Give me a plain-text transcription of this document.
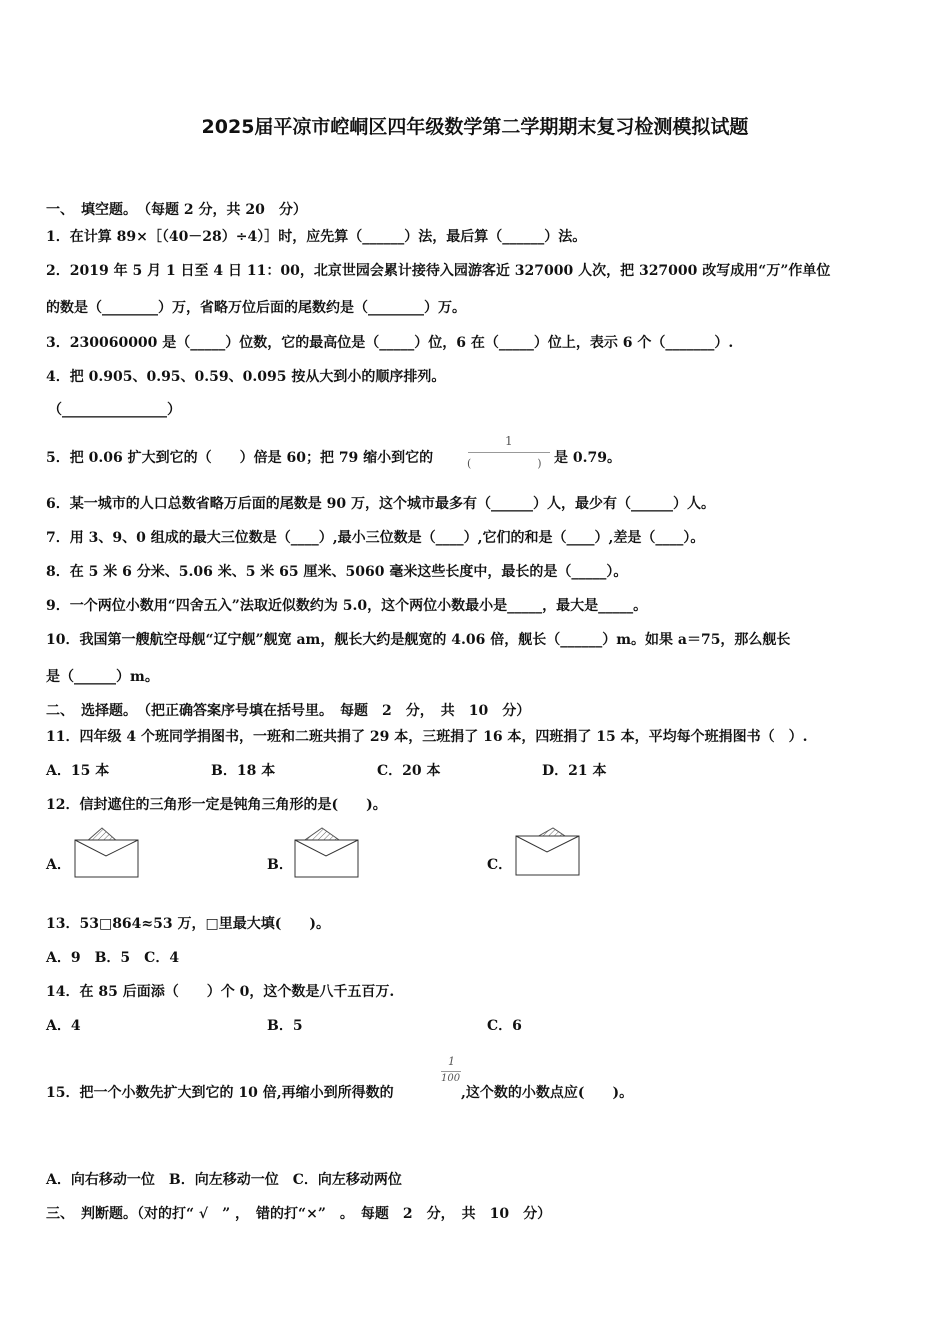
2025届平凉市崆峒区四年级数学第二学期期末复习检测模拟试题
一、　填空题。　（每题 2 分，共 20　分）
1．在计算 89×［（40－28）÷4）］时，应先算（______）法，最后算（______）法。
2．2019 年 5 月 1 日至 4 日 11：00，北京世园会累计接待入园游客近 327000 人次，把 327000 改写成用“万”作单位
的数是（________）万，省略万位后面的尾数约是（________）万。
3．230060000 是（_____）位数，它的最高位是（_____）位，6 在（_____）位上，表示 6 个（_______）.
4．把 0.905、0.95、0.59、0.095 按从大到小的顺序排列。
（_______________）
5．把 0.06 扩大到它的（　　）倍是 60；把 79 缩小到它的
1
(　　　　　　) 是 0.79。
6．某一城市的人口总数省略万后面的尾数是 90 万，这个城市最多有（______）人，最少有（______）人。
7．用 3、9、0 组成的最大三位数是（____）,最小三位数是（____）,它们的和是（____）,差是（____）。
8．在 5 米 6 分米、5.06 米、5 米 65 厘米、5060 毫米这些长度中，最长的是（_____）。
9．一个两位小数用“四舍五入”法取近似数约为 5.0，这个两位小数最小是_____，最大是_____。
10．我国第一艘航空母舰“辽宁舰”舰宽 am，舰长大约是舰宽的 4.06 倍，舰长（______）m。如果 a＝75，那么舰长
是（______）m。
二、　选择题。　（把正确答案序号填在括号里。　每题　2　分，　共　10　分）
11．四年级 4 个班同学捐图书，一班和二班共捐了 29 本，三班捐了 16 本，四班捐了 15 本，平均每个班捐图书（　）.
A．15 本	B．18 本	C．20 本	D．21 本
12．信封遮住的三角形一定是钝角三角形的是(　　)。
A．	B．	C．
13．53□864≈53 万，□里最大填(　　)。
A．9　B．5　C．4
14．在 85 后面添（　　）个 0，这个数是八千五百万.
A．4	B．5	C．6
15．把一个小数先扩大到它的 10 倍,再缩小到所得数的
1
100
,这个数的小数点应(　　)。
A．向右移动一位　B．向左移动一位　C．向左移动两位
三、　判断题。（对的打“ √　” ，　错的打“×”　。　每题　2　分，　共　10　分）
